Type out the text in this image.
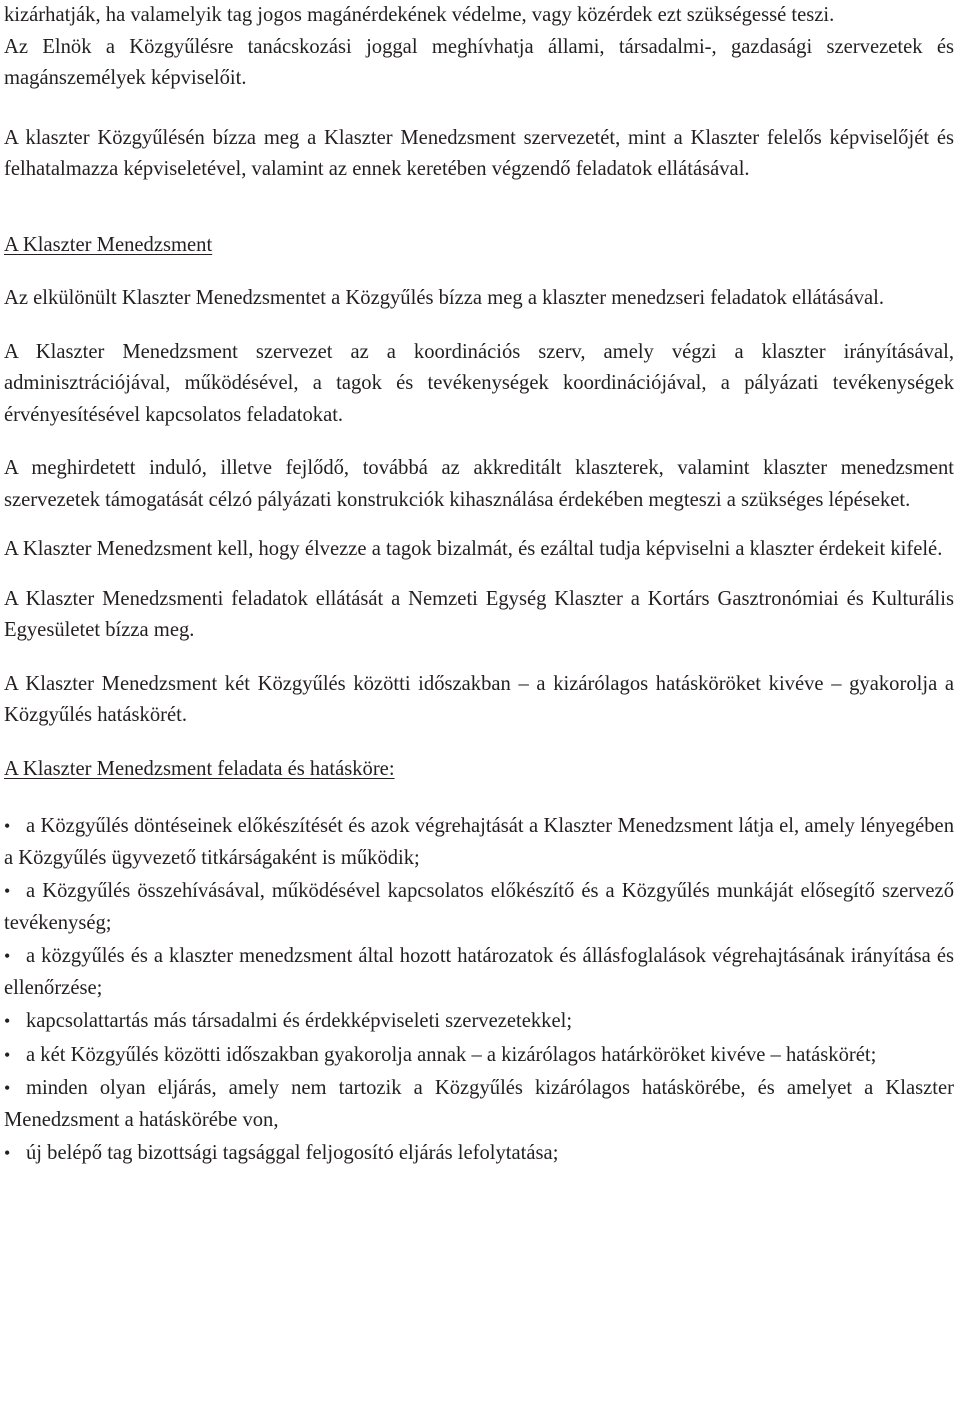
kizárhatják, ha valamelyik tag jogos magánérdekének védelme, vagy közérdek ezt szükségessé teszi.

Az Elnök a Közgyűlésre tanácskozási joggal meghívhatja állami, társadalmi-, gazdasági szervezetek és magánszemélyek képviselőit.

A klaszter Közgyűlésén bízza meg a Klaszter Menedzsment szervezetét, mint a Klaszter felelős képviselőjét és felhatalmazza képviseletével, valamint az ennek keretében végzendő feladatok ellátásával.

A Klaszter Menedzsment

Az elkülönült Klaszter Menedzsmentet a Közgyűlés bízza meg a klaszter menedzseri feladatok ellátásával.

A Klaszter Menedzsment szervezet az a koordinációs szerv, amely végzi a klaszter irányításával, adminisztrációjával, működésével, a tagok és tevékenységek koordinációjával, a pályázati tevékenységek érvényesítésével kapcsolatos feladatokat.

A meghirdetett induló, illetve fejlődő, továbbá az akkreditált klaszterek, valamint klaszter menedzsment szervezetek támogatását célzó pályázati konstrukciók kihasználása érdekében megteszi a szükséges lépéseket.

A Klaszter Menedzsment kell, hogy élvezze a tagok bizalmát, és ezáltal tudja képviselni a klaszter érdekeit kifelé.

A Klaszter Menedzsmenti feladatok ellátását a Nemzeti Egység Klaszter a Kortárs Gasztronómiai és Kulturális Egyesületet bízza meg.

A Klaszter Menedzsment két Közgyűlés közötti időszakban – a kizárólagos hatásköröket kivéve – gyakorolja a Közgyűlés hatáskörét.

A Klaszter Menedzsment feladata és hatásköre:

• a Közgyűlés döntéseinek előkészítését és azok végrehajtását a Klaszter Menedzsment látja el, amely lényegében a Közgyűlés ügyvezető titkárságaként is működik;
• a Közgyűlés összehívásával, működésével kapcsolatos előkészítő és a Közgyűlés munkáját elősegítő szervező tevékenység;
• a közgyűlés és a klaszter menedzsment által hozott határozatok és állásfoglalások végrehajtásának irányítása és ellenőrzése;
• kapcsolattartás más társadalmi és érdekképviseleti szervezetekkel;
• a két Közgyűlés közötti időszakban gyakorolja annak – a kizárólagos határköröket kivéve – hatáskörét;
• minden olyan eljárás, amely nem tartozik a Közgyűlés kizárólagos hatáskörébe, és amelyet a Klaszter Menedzsment a hatáskörébe von,
• új belépő tag bizottsági tagsággal feljogosító eljárás lefolytatása;
